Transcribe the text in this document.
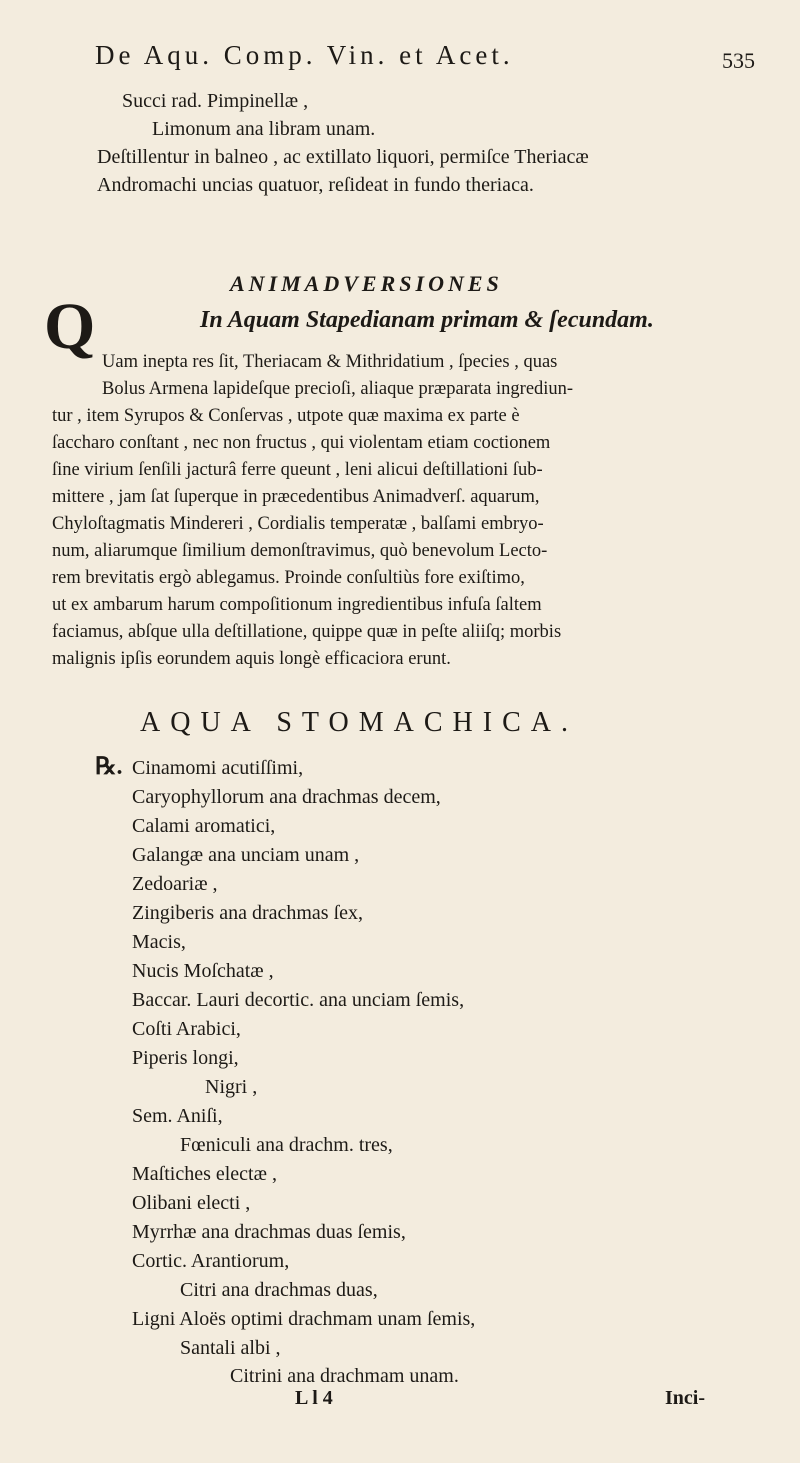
De Aqu. Comp. Vin. et Acet.	535
Succi rad. Pimpinellæ ,
Limonum ana libram unam.
Deſtillentur in balneo , ac extillato liquori, permiſce Theriacæ
Andromachi uncias quatuor, reſideat in fundo theriaca.
ANIMADVERSIONES
In Aquam Stapedianam primam & ſecundam.
Q Uam inepta res ſit, Theriacam & Mithridatium , ſpecies , quas
Bolus Armena lapideſque precioſi, aliaque præparata ingrediun-
tur , item Syrupos & Conſervas , utpote quæ maxima ex parte è
ſaccharo conſtant , nec non fructus , qui violentam etiam coctionem
ſine virium ſenſili jacturâ ferre queunt , leni alicui deſtillationi ſub-
mittere , jam ſat ſuperque in præcedentibus Animadverſ. aquarum,
Chyloſtagmatis Mindereri , Cordialis temperatæ , balſami embryo-
num, aliarumque ſimilium demonſtravimus, quò benevolum Lecto-
rem brevitatis ergò ablegamus. Proinde conſultiùs fore exiſtimo,
ut ex ambarum harum compoſitionum ingredientibus infuſa ſaltem
faciamus, abſque ulla deſtillatione, quippe quæ in peſte aliiſq; morbis
malignis ipſis eorundem aquis longè efficaciora erunt.
AQUA STOMACHICA.
℞. Cinamomi acutiſſimi,
Caryophyllorum ana drachmas decem,
Calami aromatici,
Galangæ ana unciam unam ,
Zedoariæ ,
Zingiberis ana drachmas ſex,
Macis,
Nucis Moſchatæ ,
Baccar. Lauri decortic. ana unciam ſemis,
Coſti Arabici,
Piperis longi,
Nigri ,
Sem. Aniſi,
Fœniculi ana drachm. tres,
Maſtiches electæ ,
Olibani electi ,
Myrrhæ ana drachmas duas ſemis,
Cortic. Arantiorum,
Citri ana drachmas duas,
Ligni Aloës optimi drachmam unam ſemis,
Santali albi ,
Citrini ana drachmam unam.
L l 4	Inci-
